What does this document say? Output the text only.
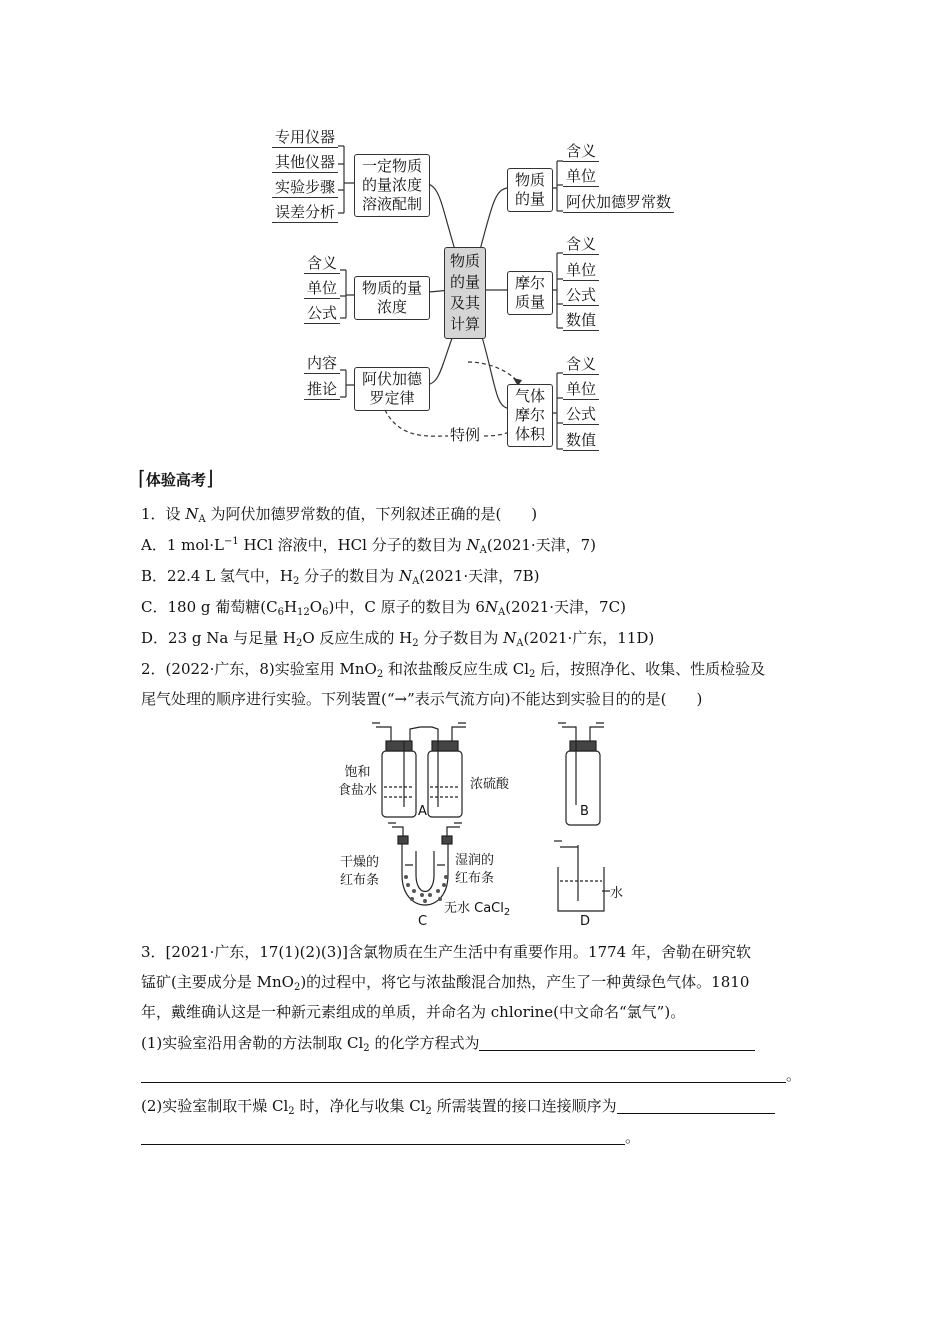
物质
的量
及其
计算
一定物质
的量浓度
溶液配制
专用仪器
其他仪器
实验步骤
误差分析
物质的量
浓度
含义
单位
公式
阿伏加德
罗定律
内容
推论
物质
的量
含义
单位
阿伏加德罗常数
摩尔
质量
含义
单位
公式
数值
气体
摩尔
体积
含义
单位
公式
数值
特例
⌈体验高考⌋
1．设 $N_A$ 为阿伏加德罗常数的值，下列叙述正确的是(　　)
A．1 $mol\cdot L^{-1}$ HCl 溶液中，HCl 分子的数目为 $N_A(2021\cdot$天津，7)
B．22.4 L 氢气中，$H_2$ 分子的数目为 $N_A(2021\cdot$天津，7B)
C．180 g 葡萄糖$(C_6H_{12}O_6)$中，C 原子的数目为 $6N_A(2021\cdot$天津，7C)
D．23 g Na 与足量 $H_2O$ 反应生成的 $H_2$ 分子数目为 $N_A(2021\cdot$广东，11D)
2．(2022·广东，8)实验室用 MnO$_2$ 和浓盐酸反应生成 $Cl_2$ 后，按照净化、收集、性质检验及
尾气处理的顺序进行实验。下列装置(“→”表示气流方向)不能达到实验目的的是(　　)
饱和
食盐水	浓硫酸
A	B
干燥的
红布条
湿润的
红布条
无水 CaCl$_2$
C	D
水
3．[2021·广东，17(1)(2)(3)]含氯物质在生产生活中有重要作用。1774 年，舍勒在研究软
锰矿(主要成分是 MnO$_2$)的过程中，将它与浓盐酸混合加热，产生了一种黄绿色气体。1810
年，戴维确认这是一种新元素组成的单质，并命名为 chlorine(中文命名“氯气”)。
(1)实验室沿用舍勒的方法制取 $Cl_2$ 的化学方程式为
。
(2)实验室制取干燥 $Cl_2$ 时，净化与收集 $Cl_2$ 所需装置的接口连接顺序为
。
